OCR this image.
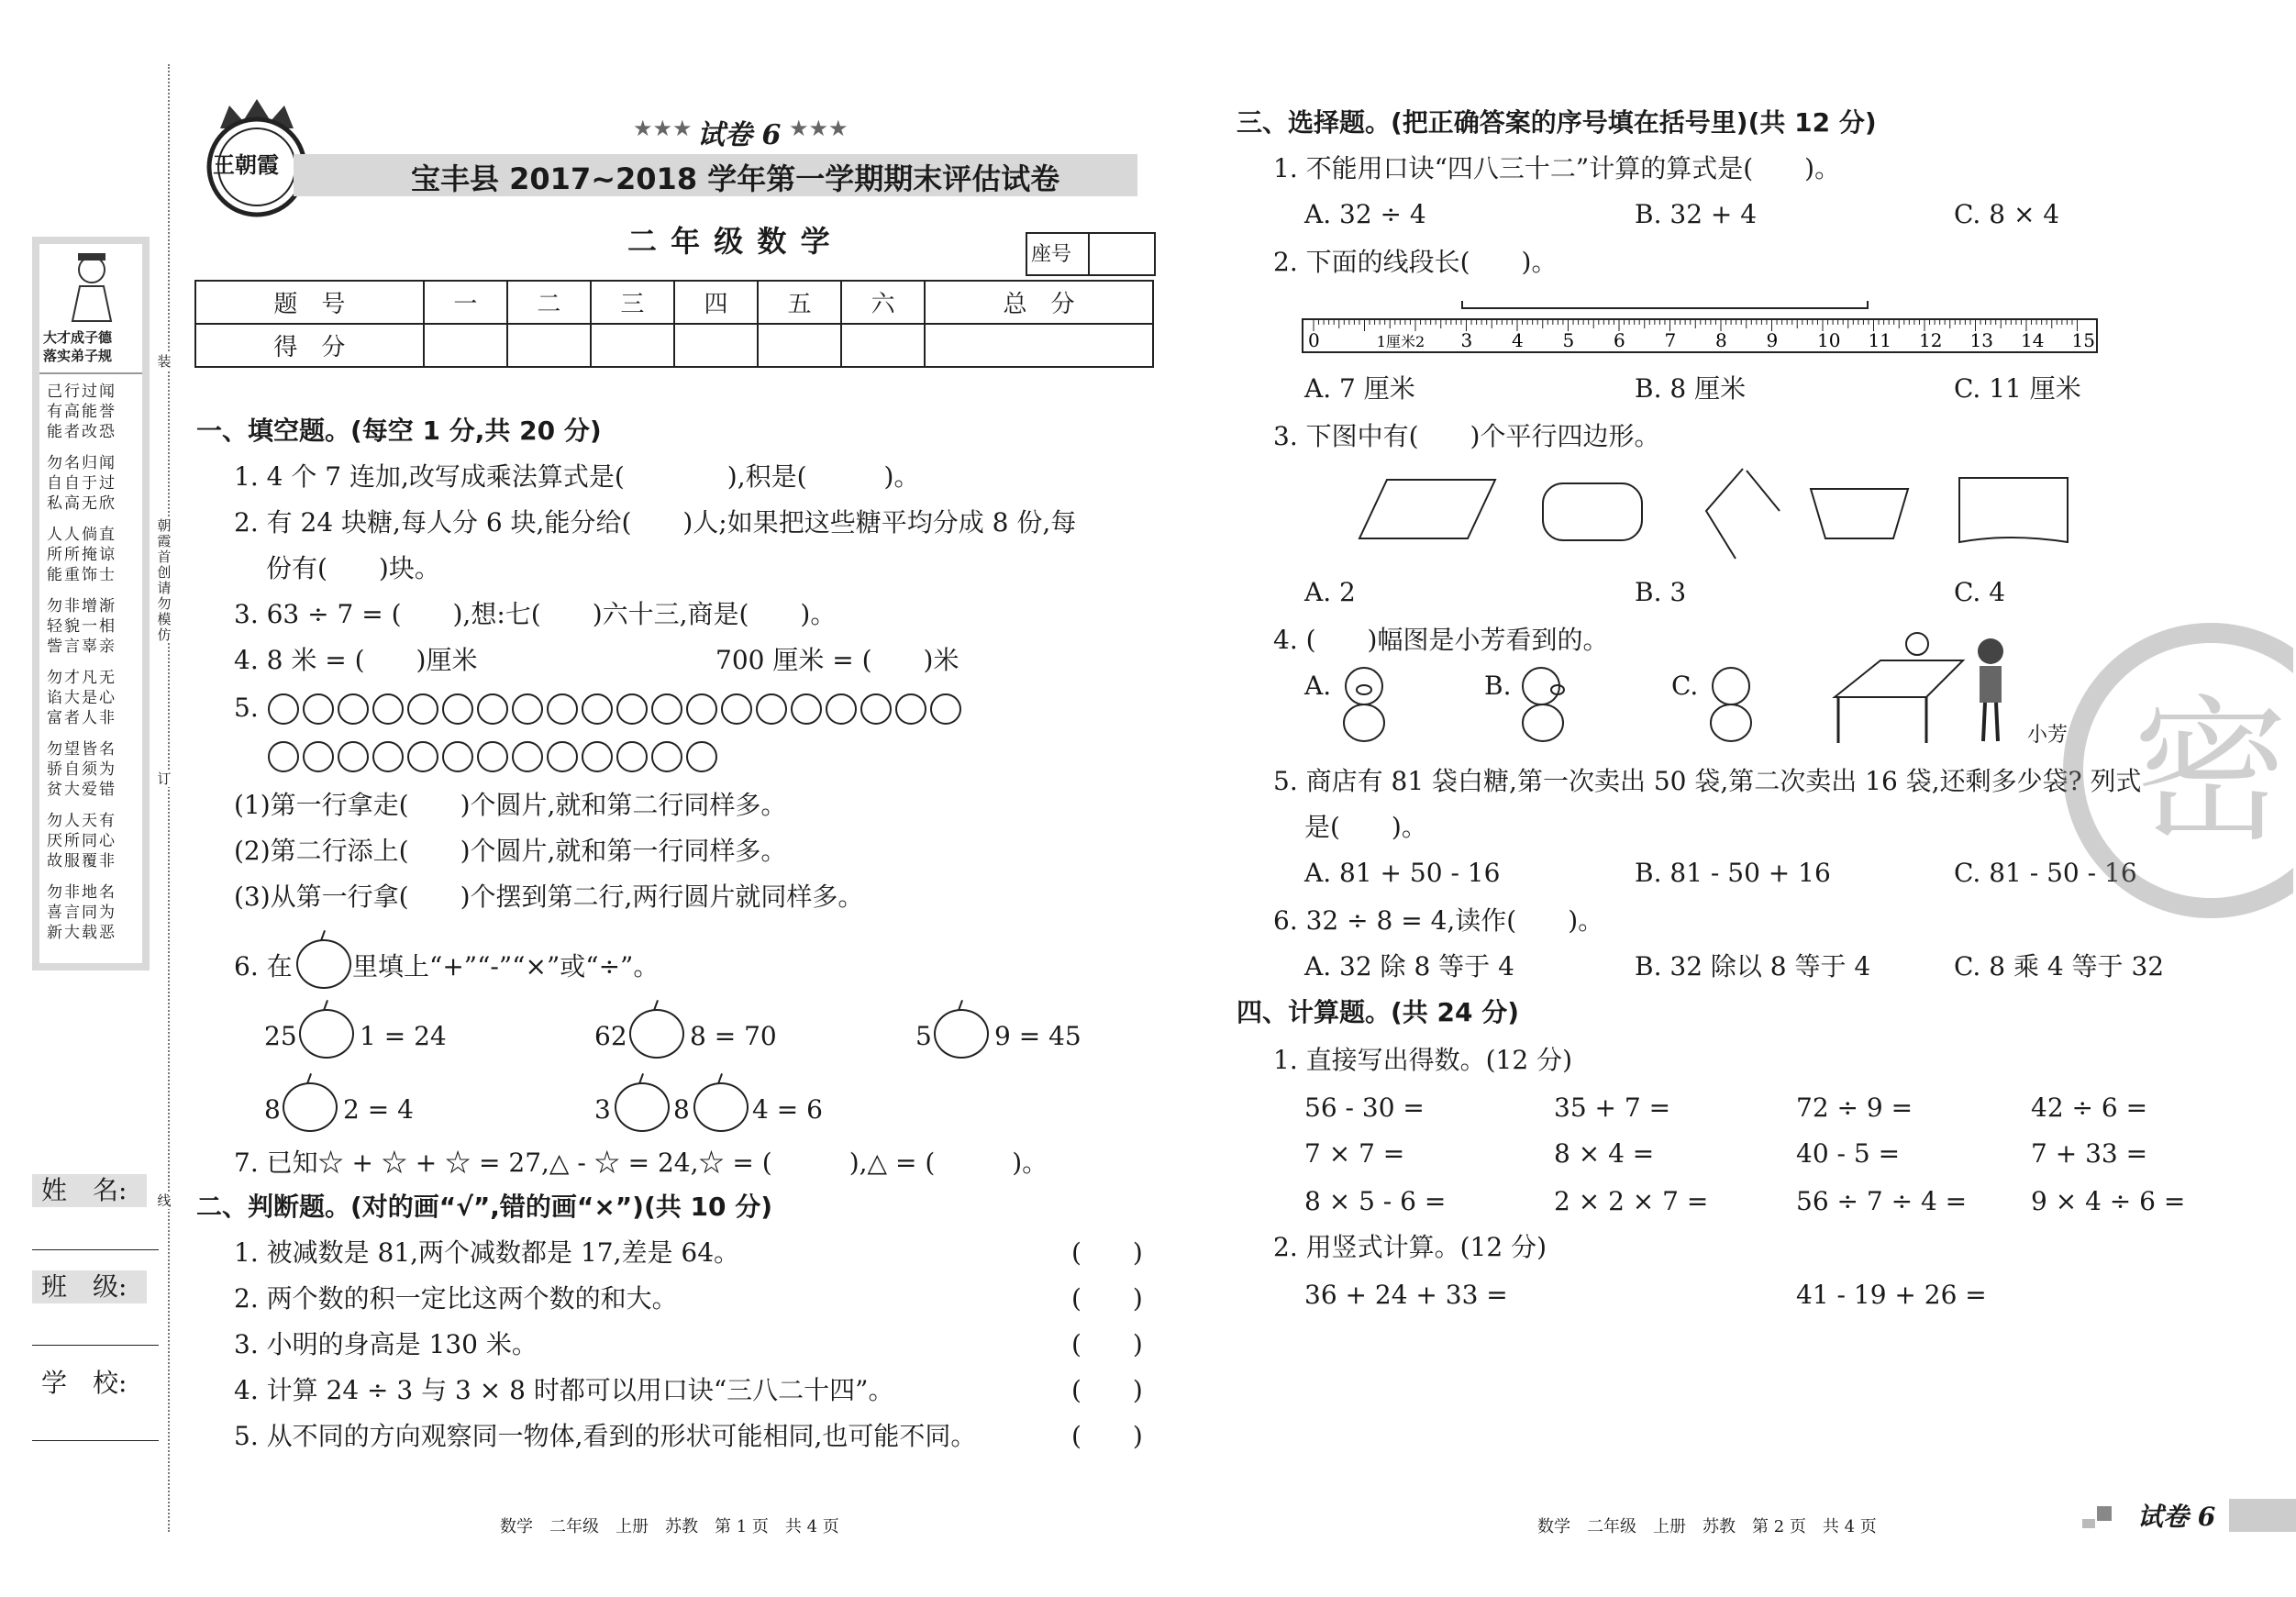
大才成子德
落实弟子规
己行过闻
有高能誉
能者改恐
勿名归闻
自自于过
私高无欣
人人倘直
所所掩谅
能重饰士
勿非增渐
轻貌一相
訾言辜亲
勿才凡无
谄大是心
富者人非
勿望皆名
骄自须为
贫大爱错
勿人天有
厌所同心
故服覆非
勿非地名
喜言同为
新大载恶
姓　名:
班　级:
学　校:
装
朝霞首创　请勿模仿
订
线
王朝霞
★★★ 试卷 6 ★★★
宝丰县 2017~2018 学年第一学期期末评估试卷
二 年 级 数 学	座号
题　号	一	二	三	四	五	六	总　分
得　分							
一、填空题。(每空 1 分,共 20 分)
1. 4 个 7 连加,改写成乘法算式是(　　　　),积是(　　　)。
2. 有 24 块糖,每人分 6 块,能分给(　　)人;如果把这些糖平均分成 8 份,每
份有(　　)块。
3. 63 ÷ 7 = (　　),想:七(　　)六十三,商是(　　)。
4. 8 米 = (　　)厘米	700 厘米 = (　　)米
5.
(1)第一行拿走(　　)个圆片,就和第二行同样多。
(2)第二行添上(　　)个圆片,就和第一行同样多。
(3)从第一行拿(　　)个摆到第二行,两行圆片就同样多。
6. 在 里填上“+”“-”“×”或“÷”。
25 1 = 24	62 8 = 70	5 9 = 45
8 2 = 4	3 8 4 = 6
7. 已知☆ + ☆ + ☆ = 27,△ - ☆ = 24,☆ = (　　　),△ = (　　　)。
二、判断题。(对的画“√”,错的画“×”)(共 10 分)
1. 被减数是 81,两个减数都是 17,差是 64。	(　　)
2. 两个数的积一定比这两个数的和大。	(　　)
3. 小明的身高是 130 米。	(　　)
4. 计算 24 ÷ 3 与 3 × 8 时都可以用口诀“三八二十四”。	(　　)
5. 从不同的方向观察同一物体,看到的形状可能相同,也可能不同。	(　　)
三、选择题。(把正确答案的序号填在括号里)(共 12 分)
1. 不能用口诀“四八三十二”计算的算式是(　　)。
A. 32 ÷ 4	B. 32 + 4	C. 8 × 4
2. 下面的线段长(　　)。
0	1厘米2 3 4 5 6 7 8 9 10 11 12 13 14 15
A. 7 厘米	B. 8 厘米	C. 11 厘米
3. 下图中有(　　)个平行四边形。
A. 2	B. 3	C. 4
4. (　　)幅图是小芳看到的。
A.	B.	C.
小芳
5. 商店有 81 袋白糖,第一次卖出 50 袋,第二次卖出 16 袋,还剩多少袋? 列式
是(　　)。
A. 81 + 50 - 16	B. 81 - 50 + 16	C. 81 - 50 - 16
6. 32 ÷ 8 = 4,读作(　　)。
A. 32 除 8 等于 4	B. 32 除以 8 等于 4	C. 8 乘 4 等于 32
四、计算题。(共 24 分)
1. 直接写出得数。(12 分)
56 - 30 =	35 + 7 =	72 ÷ 9 =	42 ÷ 6 =
7 × 7 =	8 × 4 =	40 - 5 =	7 + 33 =
8 × 5 - 6 =	2 × 2 × 7 =	56 ÷ 7 ÷ 4 = 9 × 4 ÷ 6 =
2. 用竖式计算。(12 分)
36 + 24 + 33 =	41 - 19 + 26 =
密
数学　二年级　上册　苏教　第 1 页　共 4 页	数学　二年级　上册　苏教　第 2 页　共 4 页	试卷 6
